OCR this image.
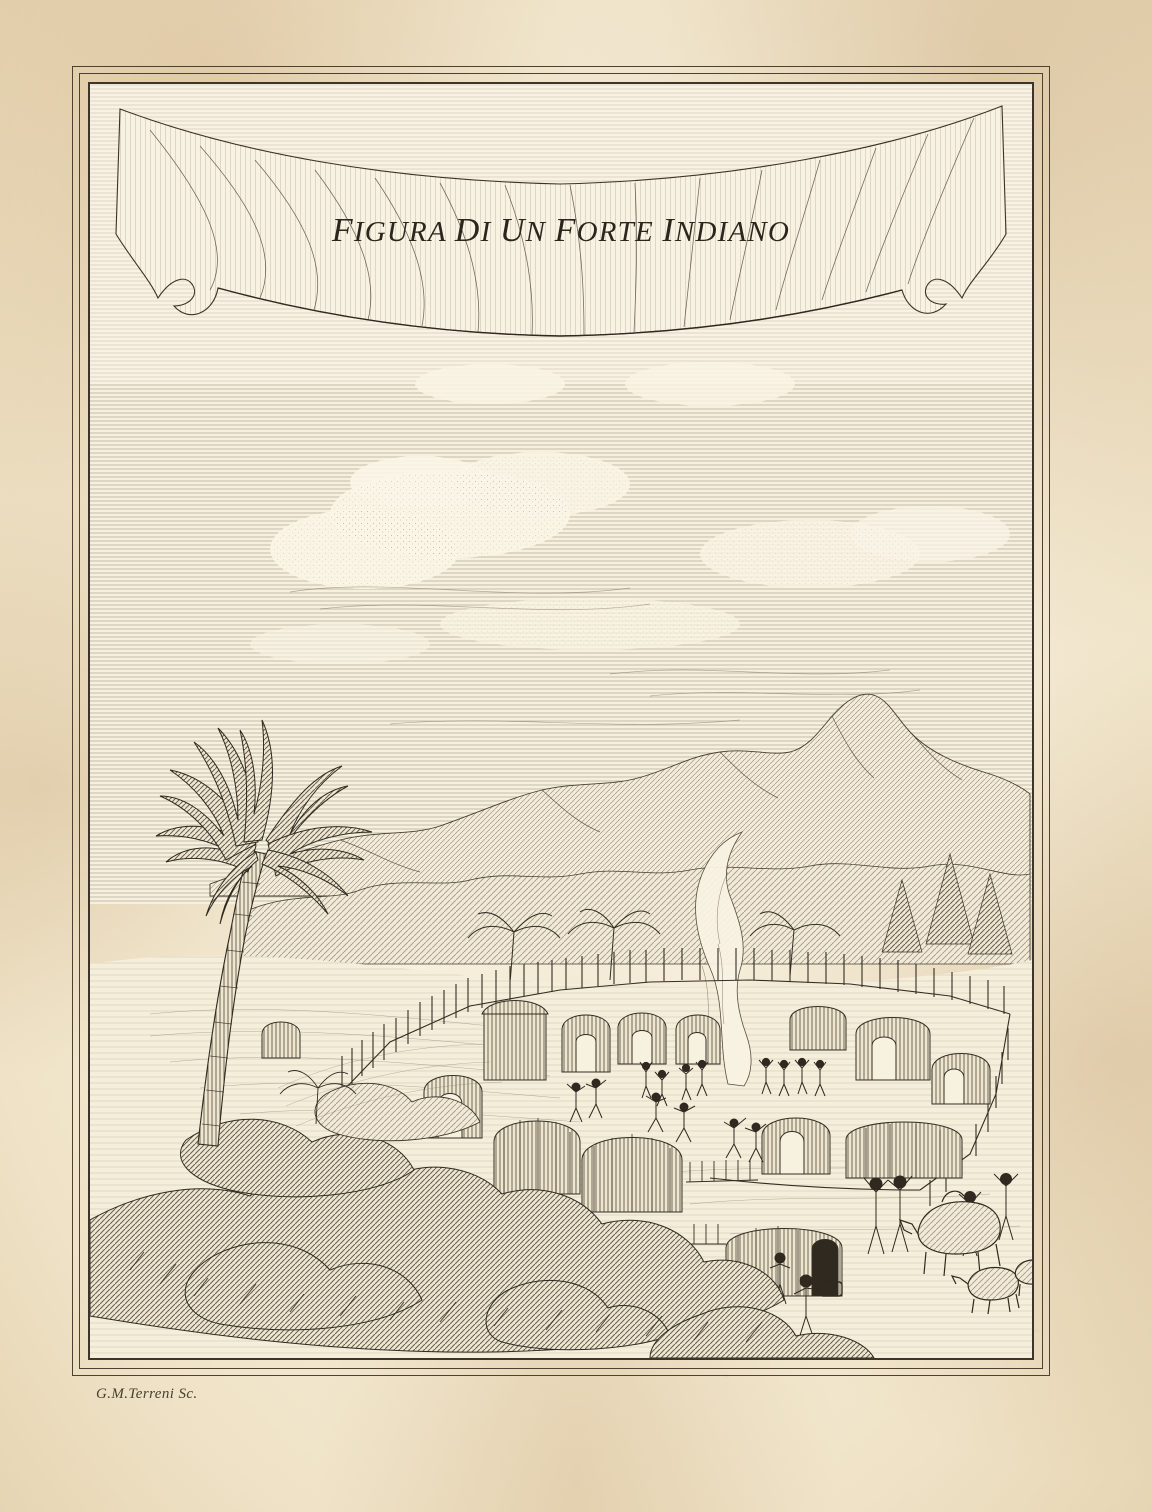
FIGURA DI UN FORTE INDIANO
G.M.Terreni Sc.
